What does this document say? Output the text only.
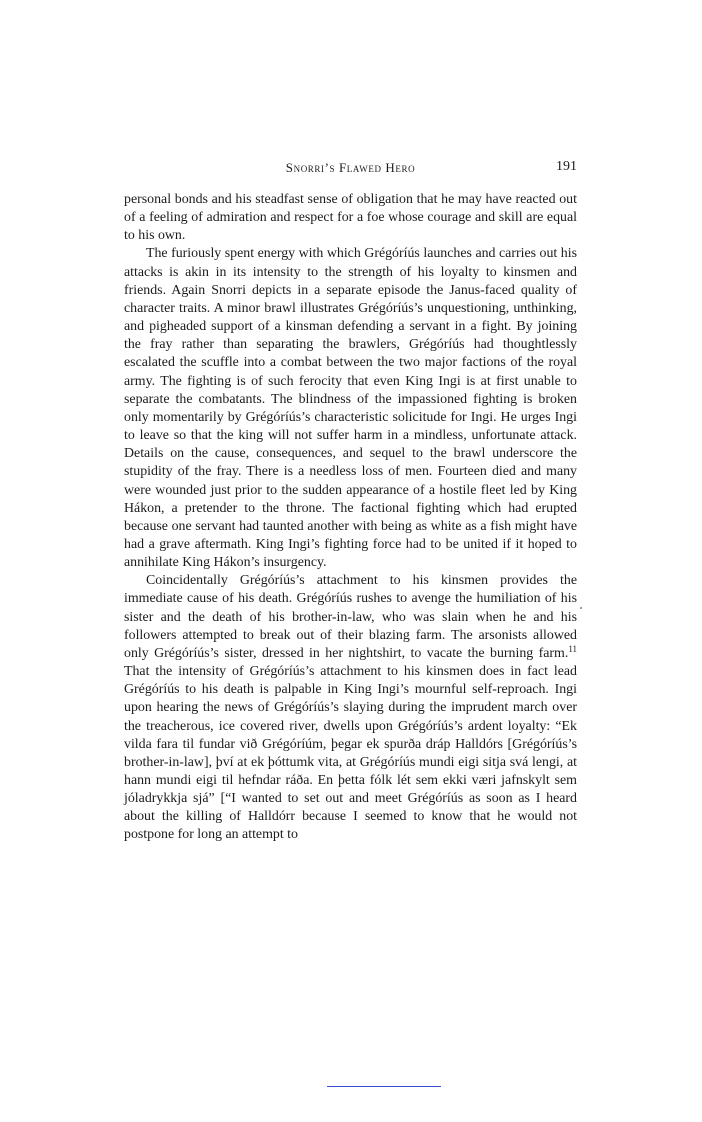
Snorri’s Flawed Hero	191

personal bonds and his steadfast sense of obligation that he may have reacted out of a feeling of admiration and respect for a foe whose courage and skill are equal to his own.

The furiously spent energy with which Grégóríús launches and carries out his attacks is akin in its intensity to the strength of his loyalty to kinsmen and friends. Again Snorri depicts in a separate episode the Janus-faced quality of character traits. A minor brawl illustrates Grégóríús’s unquestioning, unthinking, and pigheaded support of a kinsman defending a servant in a fight. By joining the fray rather than separating the brawlers, Grégóríús had thoughtlessly escalated the scuffle into a combat between the two major factions of the royal army. The fighting is of such ferocity that even King Ingi is at first unable to separate the combatants. The blindness of the impassioned fighting is broken only momentarily by Grégóríús’s characteristic solicitude for Ingi. He urges Ingi to leave so that the king will not suffer harm in a mindless, unfortunate attack. Details on the cause, consequences, and sequel to the brawl underscore the stupidity of the fray. There is a needless loss of men. Fourteen died and many were wounded just prior to the sudden appearance of a hostile fleet led by King Hákon, a pretender to the throne. The factional fighting which had erupted because one servant had taunted another with being as white as a fish might have had a grave aftermath. King Ingi’s fighting force had to be united if it hoped to annihilate King Hákon’s insurgency.

Coincidentally Grégóríús’s attachment to his kinsmen provides the immediate cause of his death. Grégóríús rushes to avenge the humiliation of his sister and the death of his brother-in-law, who was slain when he and his followers attempted to break out of their blazing farm. The arsonists allowed only Grégóríús’s sister, dressed in her nightshirt, to vacate the burning farm.$^{11}$ That the intensity of Grégóríús’s attachment to his kinsmen does in fact lead Grégóríús to his death is palpable in King Ingi’s mournful self-reproach. Ingi upon hearing the news of Grégóríús’s slaying during the imprudent march over the treacherous, ice covered river, dwells upon Grégóríús’s ardent loyalty: “Ek vilda fara til fundar við Grégóríúm, þegar ek spurða dráp Halldórs [Grégóríús’s brother-in-law], því at ek þóttumk vita, at Grégóríús mundi eigi sitja svá lengi, at hann mundi eigi til hefndar ráða. En þetta fólk lét sem ekki væri jafnskylt sem jóladrykkja sjá” [“I wanted to set out and meet Grégóríús as soon as I heard about the killing of Halldórr because I seemed to know that he would not postpone for long an attempt to
